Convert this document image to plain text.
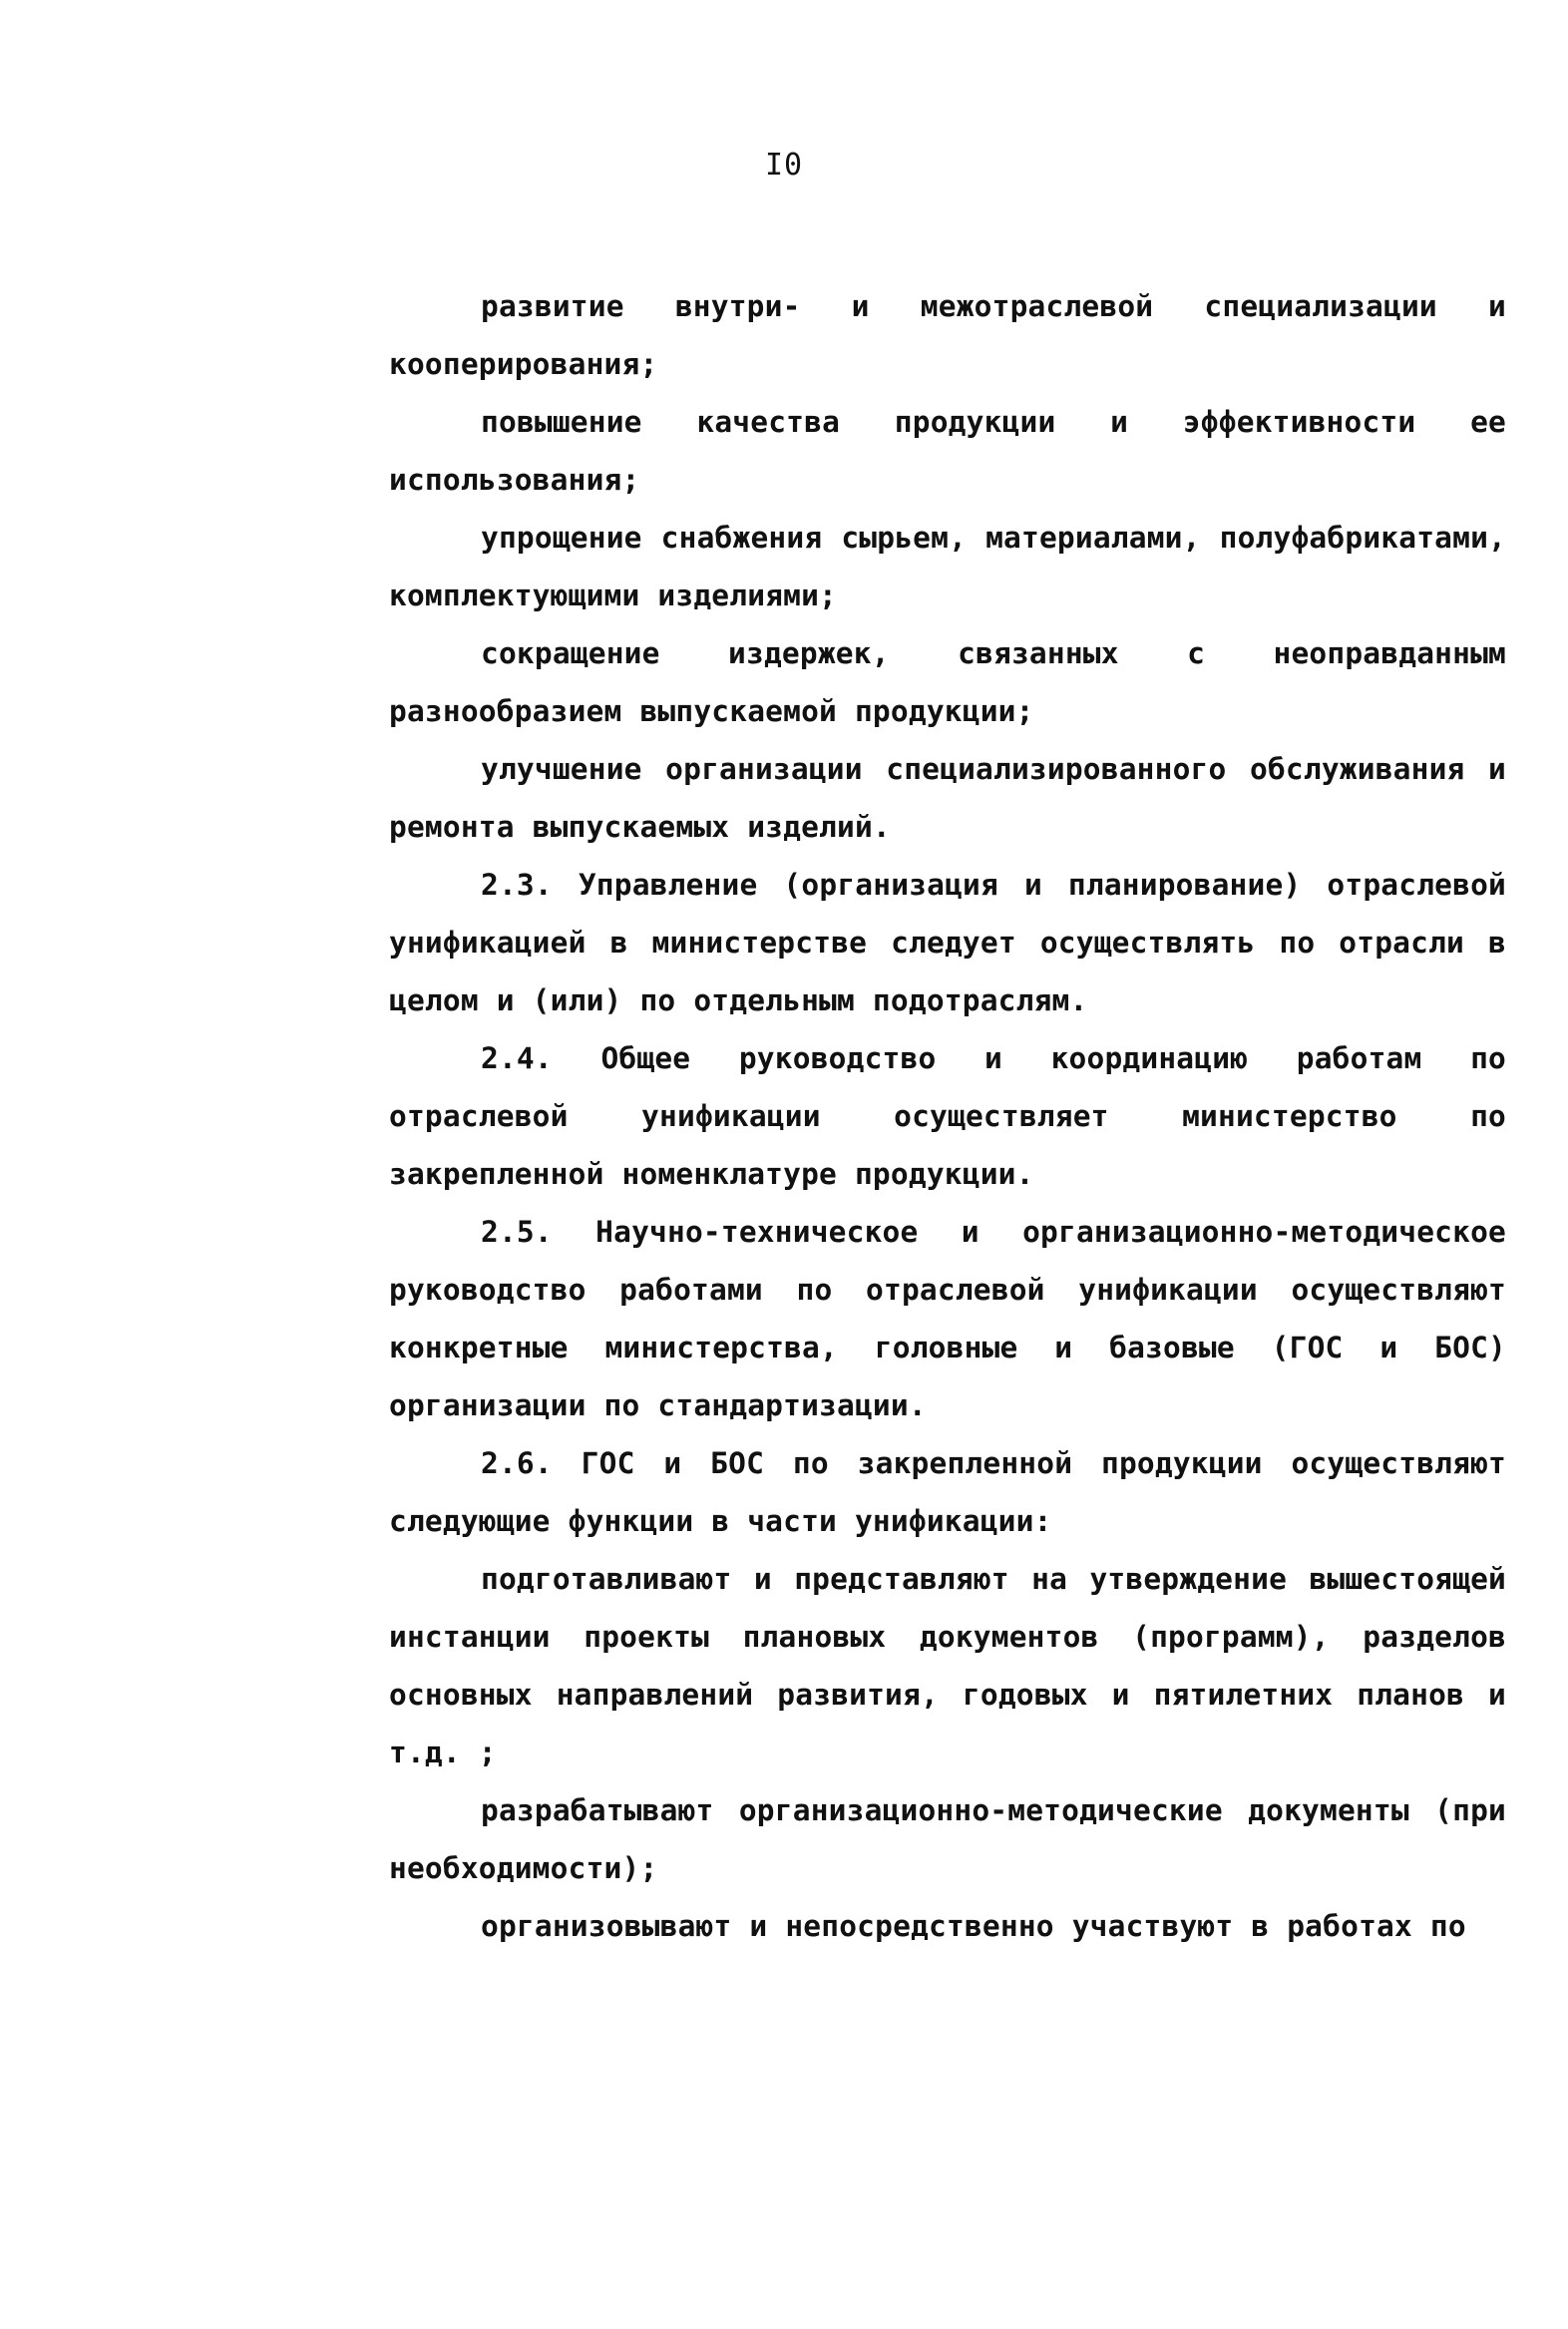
I0

развитие внутри- и межотраслевой специализации и кооперирования;

повышение качества продукции и эффективности ее использования;

упрощение снабжения сырьем, материалами, полуфабрикатами, комплектующими изделиями;

сокращение издержек, связанных с неоправданным разнообразием выпускаемой продукции;

улучшение организации специализированного обслуживания и ремонта выпускаемых изделий.

2.3. Управление (организация и планирование) отраслевой унификацией в министерстве следует осуществлять по отрасли в целом и (или) по отдельным подотраслям.

2.4. Общее руководство и координацию работам по отраслевой унификации осуществляет министерство по закрепленной номенклатуре продукции.

2.5. Научно-техническое и организационно-методическое руководство работами по отраслевой унификации осуществляют конкретные министерства, головные и базовые (ГОС и БОС) организации по стандартизации.

2.6. ГОС и БОС по закрепленной продукции осуществляют следующие функции в части унификации:

подготавливают и представляют на утверждение вышестоящей инстанции проекты плановых документов (программ), разделов основных направлений развития, годовых и пятилетних планов и т.д. ;

разрабатывают организационно-методические документы (при необходимости);

организовывают и непосредственно участвуют в работах по
